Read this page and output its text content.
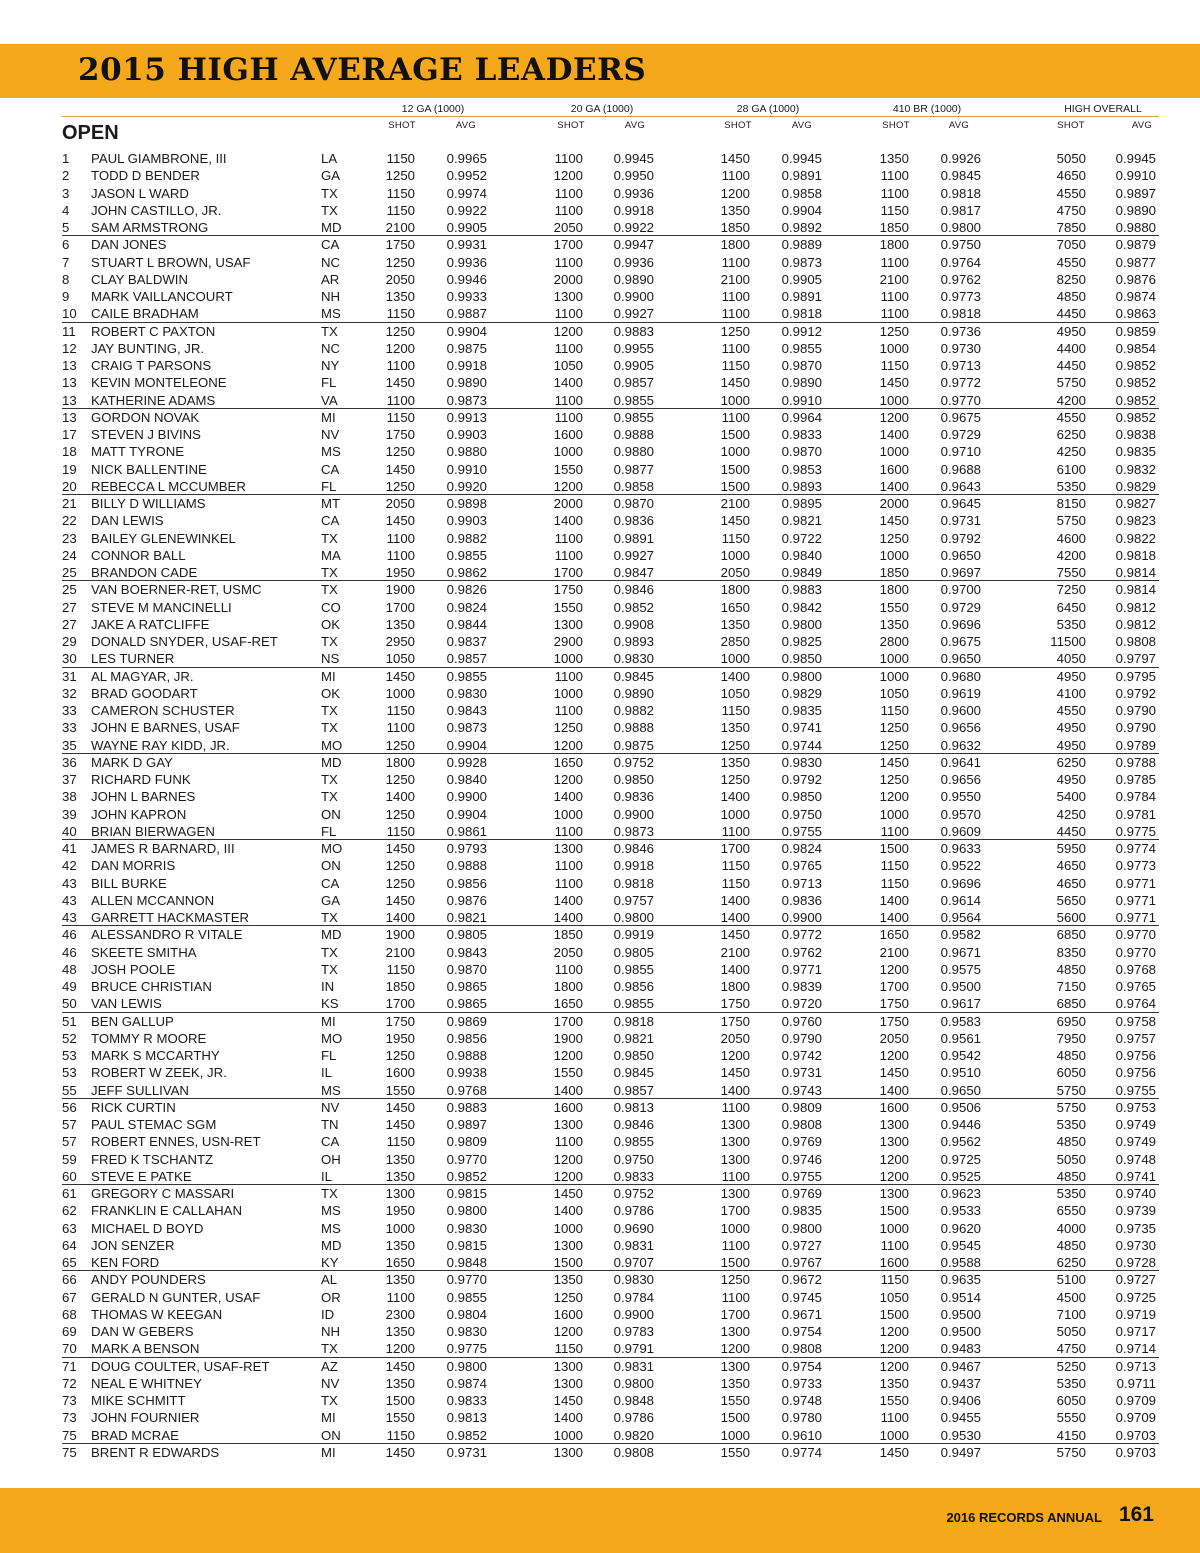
2015 HIGH AVERAGE LEADERS
12 GA (1000)	20 GA (1000)	28 GA (1000)	410 BR (1000)	HIGH OVERALL
SHOT	AVG	SHOT	AVG	SHOT	AVG	SHOT	AVG	SHOT	AVG
OPEN
1 PAUL GIAMBRONE, III	LA	1150 0.9965	1100 0.9945	1450 0.9945	1350 0.9926	5050 0.9945
2 TODD D BENDER	GA	1250 0.9952	1200 0.9950	1100 0.9891	1100 0.9845	4650 0.9910
3 JASON L WARD	TX	1150 0.9974	1100 0.9936	1200 0.9858	1100 0.9818	4550 0.9897
4 JOHN CASTILLO, JR.	TX	1150 0.9922	1100 0.9918	1350 0.9904	1150 0.9817	4750 0.9890
5 SAM ARMSTRONG	MD	2100 0.9905	2050 0.9922	1850 0.9892	1850 0.9800	7850 0.9880
6 DAN JONES	CA	1750 0.9931	1700 0.9947	1800 0.9889	1800 0.9750	7050 0.9879
7 STUART L BROWN, USAF	NC	1250 0.9936	1100 0.9936	1100 0.9873	1100 0.9764	4550 0.9877
8 CLAY BALDWIN	AR	2050 0.9946	2000 0.9890	2100 0.9905	2100 0.9762	8250 0.9876
9 MARK VAILLANCOURT	NH	1350 0.9933	1300 0.9900	1100 0.9891	1100 0.9773	4850 0.9874
10 CAILE BRADHAM	MS	1150 0.9887	1100 0.9927	1100 0.9818	1100 0.9818	4450 0.9863
11 ROBERT C PAXTON	TX	1250 0.9904	1200 0.9883	1250 0.9912	1250 0.9736	4950 0.9859
12 JAY BUNTING, JR.	NC	1200 0.9875	1100 0.9955	1100 0.9855	1000 0.9730	4400 0.9854
13 CRAIG T PARSONS	NY	1100 0.9918	1050 0.9905	1150 0.9870	1150 0.9713	4450 0.9852
13 KEVIN MONTELEONE	FL	1450 0.9890	1400 0.9857	1450 0.9890	1450 0.9772	5750 0.9852
13 KATHERINE ADAMS	VA	1100 0.9873	1100 0.9855	1000 0.9910	1000 0.9770	4200 0.9852
13 GORDON NOVAK	MI	1150 0.9913	1100 0.9855	1100 0.9964	1200 0.9675	4550 0.9852
17 STEVEN J BIVINS	NV	1750 0.9903	1600 0.9888	1500 0.9833	1400 0.9729	6250 0.9838
18 MATT TYRONE	MS	1250 0.9880	1000 0.9880	1000 0.9870	1000 0.9710	4250 0.9835
19 NICK BALLENTINE	CA	1450 0.9910	1550 0.9877	1500 0.9853	1600 0.9688	6100 0.9832
20 REBECCA L MCCUMBER	FL	1250 0.9920	1200 0.9858	1500 0.9893	1400 0.9643	5350 0.9829
21 BILLY D WILLIAMS	MT	2050 0.9898	2000 0.9870	2100 0.9895	2000 0.9645	8150 0.9827
22 DAN LEWIS	CA	1450 0.9903	1400 0.9836	1450 0.9821	1450 0.9731	5750 0.9823
23 BAILEY GLENEWINKEL	TX	1100 0.9882	1100 0.9891	1150 0.9722	1250 0.9792	4600 0.9822
24 CONNOR BALL	MA	1100 0.9855	1100 0.9927	1000 0.9840	1000 0.9650	4200 0.9818
25 BRANDON CADE	TX	1950 0.9862	1700 0.9847	2050 0.9849	1850 0.9697	7550 0.9814
25 VAN BOERNER-RET, USMC	TX	1900 0.9826	1750 0.9846	1800 0.9883	1800 0.9700	7250 0.9814
27 STEVE M MANCINELLI	CO	1700 0.9824	1550 0.9852	1650 0.9842	1550 0.9729	6450 0.9812
27 JAKE A RATCLIFFE	OK	1350 0.9844	1300 0.9908	1350 0.9800	1350 0.9696	5350 0.9812
29 DONALD SNYDER, USAF-RET	TX	2950 0.9837	2900 0.9893	2850 0.9825	2800 0.9675	11500 0.9808
30 LES TURNER	NS	1050 0.9857	1000 0.9830	1000 0.9850	1000 0.9650	4050 0.9797
31 AL MAGYAR, JR.	MI	1450 0.9855	1100 0.9845	1400 0.9800	1000 0.9680	4950 0.9795
32 BRAD GOODART	OK	1000 0.9830	1000 0.9890	1050 0.9829	1050 0.9619	4100 0.9792
33 CAMERON SCHUSTER	TX	1150 0.9843	1100 0.9882	1150 0.9835	1150 0.9600	4550 0.9790
33 JOHN E BARNES, USAF	TX	1100 0.9873	1250 0.9888	1350 0.9741	1250 0.9656	4950 0.9790
35 WAYNE RAY KIDD, JR.	MO	1250 0.9904	1200 0.9875	1250 0.9744	1250 0.9632	4950 0.9789
36 MARK D GAY	MD	1800 0.9928	1650 0.9752	1350 0.9830	1450 0.9641	6250 0.9788
37 RICHARD FUNK	TX	1250 0.9840	1200 0.9850	1250 0.9792	1250 0.9656	4950 0.9785
38 JOHN L BARNES	TX	1400 0.9900	1400 0.9836	1400 0.9850	1200 0.9550	5400 0.9784
39 JOHN KAPRON	ON	1250 0.9904	1000 0.9900	1000 0.9750	1000 0.9570	4250 0.9781
40 BRIAN BIERWAGEN	FL	1150 0.9861	1100 0.9873	1100 0.9755	1100 0.9609	4450 0.9775
41 JAMES R BARNARD, III	MO	1450 0.9793	1300 0.9846	1700 0.9824	1500 0.9633	5950 0.9774
42 DAN MORRIS	ON	1250 0.9888	1100 0.9918	1150 0.9765	1150 0.9522	4650 0.9773
43 BILL BURKE	CA	1250 0.9856	1100 0.9818	1150 0.9713	1150 0.9696	4650 0.9771
43 ALLEN MCCANNON	GA	1450 0.9876	1400 0.9757	1400 0.9836	1400 0.9614	5650 0.9771
43 GARRETT HACKMASTER	TX	1400 0.9821	1400 0.9800	1400 0.9900	1400 0.9564	5600 0.9771
46 ALESSANDRO R VITALE	MD	1900 0.9805	1850 0.9919	1450 0.9772	1650 0.9582	6850 0.9770
46 SKEETE SMITHA	TX	2100 0.9843	2050 0.9805	2100 0.9762	2100 0.9671	8350 0.9770
48 JOSH POOLE	TX	1150 0.9870	1100 0.9855	1400 0.9771	1200 0.9575	4850 0.9768
49 BRUCE CHRISTIAN	IN	1850 0.9865	1800 0.9856	1800 0.9839	1700 0.9500	7150 0.9765
50 VAN LEWIS	KS	1700 0.9865	1650 0.9855	1750 0.9720	1750 0.9617	6850 0.9764
51 BEN GALLUP	MI	1750 0.9869	1700 0.9818	1750 0.9760	1750 0.9583	6950 0.9758
52 TOMMY R MOORE	MO	1950 0.9856	1900 0.9821	2050 0.9790	2050 0.9561	7950 0.9757
53 MARK S MCCARTHY	FL	1250 0.9888	1200 0.9850	1200 0.9742	1200 0.9542	4850 0.9756
53 ROBERT W ZEEK, JR.	IL	1600 0.9938	1550 0.9845	1450 0.9731	1450 0.9510	6050 0.9756
55 JEFF SULLIVAN	MS	1550 0.9768	1400 0.9857	1400 0.9743	1400 0.9650	5750 0.9755
56 RICK CURTIN	NV	1450 0.9883	1600 0.9813	1100 0.9809	1600 0.9506	5750 0.9753
57 PAUL STEMAC SGM	TN	1450 0.9897	1300 0.9846	1300 0.9808	1300 0.9446	5350 0.9749
57 ROBERT ENNES, USN-RET	CA	1150 0.9809	1100 0.9855	1300 0.9769	1300 0.9562	4850 0.9749
59 FRED K TSCHANTZ	OH	1350 0.9770	1200 0.9750	1300 0.9746	1200 0.9725	5050 0.9748
60 STEVE E PATKE	IL	1350 0.9852	1200 0.9833	1100 0.9755	1200 0.9525	4850 0.9741
61 GREGORY C MASSARI	TX	1300 0.9815	1450 0.9752	1300 0.9769	1300 0.9623	5350 0.9740
62 FRANKLIN E CALLAHAN	MS	1950 0.9800	1400 0.9786	1700 0.9835	1500 0.9533	6550 0.9739
63 MICHAEL D BOYD	MS	1000 0.9830	1000 0.9690	1000 0.9800	1000 0.9620	4000 0.9735
64 JON SENZER	MD	1350 0.9815	1300 0.9831	1100 0.9727	1100 0.9545	4850 0.9730
65 KEN FORD	KY	1650 0.9848	1500 0.9707	1500 0.9767	1600 0.9588	6250 0.9728
66 ANDY POUNDERS	AL	1350 0.9770	1350 0.9830	1250 0.9672	1150 0.9635	5100 0.9727
67 GERALD N GUNTER, USAF	OR	1100 0.9855	1250 0.9784	1100 0.9745	1050 0.9514	4500 0.9725
68 THOMAS W KEEGAN	ID	2300 0.9804	1600 0.9900	1700 0.9671	1500 0.9500	7100 0.9719
69 DAN W GEBERS	NH	1350 0.9830	1200 0.9783	1300 0.9754	1200 0.9500	5050 0.9717
70 MARK A BENSON	TX	1200 0.9775	1150 0.9791	1200 0.9808	1200 0.9483	4750 0.9714
71 DOUG COULTER, USAF-RET	AZ	1450 0.9800	1300 0.9831	1300 0.9754	1200 0.9467	5250 0.9713
72 NEAL E WHITNEY	NV	1350 0.9874	1300 0.9800	1350 0.9733	1350 0.9437	5350 0.9711
73 MIKE SCHMITT	TX	1500 0.9833	1450 0.9848	1550 0.9748	1550 0.9406	6050 0.9709
73 JOHN FOURNIER	MI	1550 0.9813	1400 0.9786	1500 0.9780	1100 0.9455	5550 0.9709
75 BRAD MCRAE	ON	1150 0.9852	1000 0.9820	1000 0.9610	1000 0.9530	4150 0.9703
75 BRENT R EDWARDS	MI	1450 0.9731	1300 0.9808	1550 0.9774	1450 0.9497	5750 0.9703
2016 RECORDS ANNUAL 161
